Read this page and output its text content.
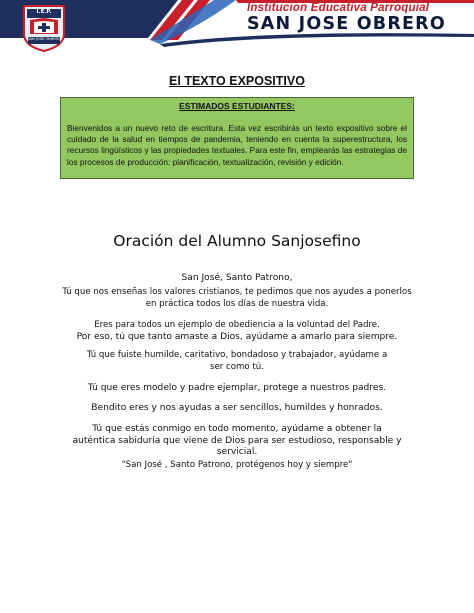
I.E.P.
SAN JOSÉ OBRERO
Institucion Educativa Parroquial
SAN JOSE OBRERO
El TEXTO EXPOSITIVO
ESTIMADOS ESTUDIANTES:
Bienvenidos a un nuevo reto de escritura. Esta vez escribirás un texto expositivo sobre el cuidado de la salud en tiempos de pandemia, teniendo en cuenta la superestructura, los recursos lingüísticos y las propiedades textuales. Para este fin, emplearás las estrategias de los procesos de producción: planificación, textualización, revisión y edición.
Oración del Alumno Sanjosefino
San José, Santo Patrono,
Tú que nos enseñas los valores cristianos, te pedimos que nos ayudes a ponerlos en práctica todos los días de nuestra vida.
Eres para todos un ejemplo de obediencia a la voluntad del Padre.
Por eso, tú que tanto amaste a Dios, ayúdame a amarlo para siempre.
Tú que fuiste humilde, caritativo, bondadoso y trabajador, ayúdame a ser como tú.
Tú que eres modelo y padre ejemplar, protege a nuestros padres.
Bendito eres y nos ayudas a ser sencillos, humildes y honrados.
Tú que estás conmigo en todo momento, ayúdame a obtener la auténtica sabiduría que viene de Dios para ser estudioso, responsable y servicial.
"San José , Santo Patrono, protégenos hoy y siempre"
